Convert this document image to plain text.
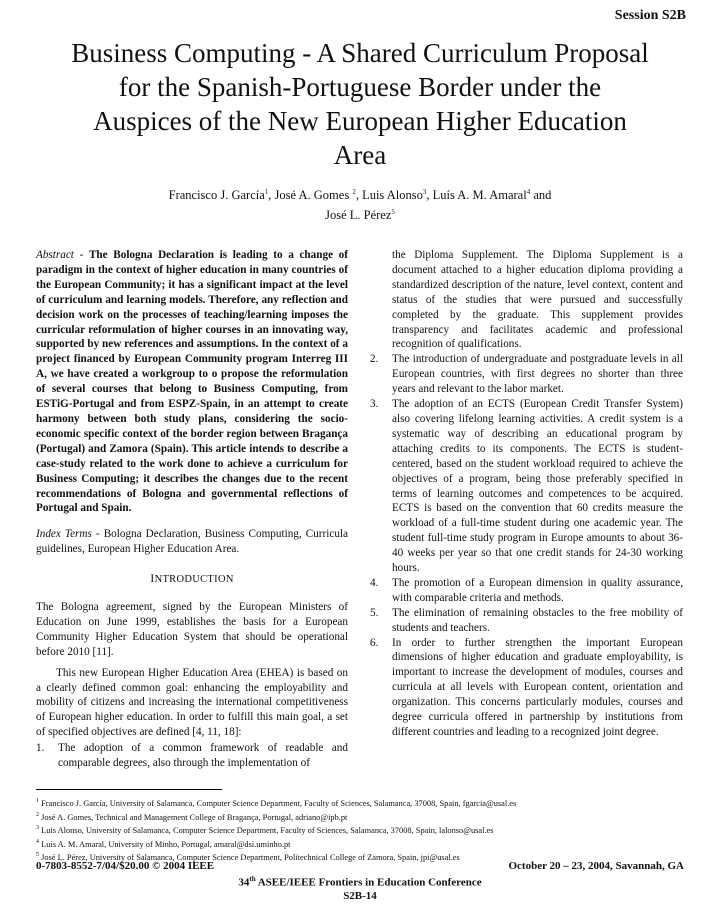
Session S2B
Business Computing - A Shared Curriculum Proposal
for the Spanish-Portuguese Border under the
Auspices of the New European Higher Education
Area
Francisco J. García$^1$, José A. Gomes $^2$, Luis Alonso$^3$, Luís A. M. Amaral$^4$ and
José L. Pérez$^5$

Abstract - The Bologna Declaration is leading to a change of paradigm in the context of higher education in many countries of the European Community; it has a significant impact at the level of curriculum and learning models. Therefore, any reflection and decision work on the processes of teaching/learning imposes the curricular reformulation of higher courses in an innovating way, supported by new references and assumptions. In the context of a project financed by European Community program Interreg III A, we have created a workgroup to o propose the reformulation of several courses that belong to Business Computing, from ESTiG-Portugal and from ESPZ-Spain, in an attempt to create harmony between both study plans, considering the socio-economic specific context of the border region between Bragança (Portugal) and Zamora (Spain). This article intends to describe a case-study related to the work done to achieve a curriculum for Business Computing; it describes the changes due to the recent recommendations of Bologna and governmental reflections of Portugal and Spain.

Index Terms - Bologna Declaration, Business Computing, Curricula guidelines, European Higher Education Area.

INTRODUCTION

The Bologna agreement, signed by the European Ministers of Education on June 1999, establishes the basis for a European Community Higher Education System that should be operational before 2010 [11].

This new European Higher Education Area (EHEA) is based on a clearly defined common goal: enhancing the employability and mobility of citizens and increasing the international competitiveness of European higher education. In order to fulfill this main goal, a set of specified objectives are defined [4, 11, 18]:

1. The adoption of a common framework of readable and comparable degrees, also through the implementation of
the Diploma Supplement. The Diploma Supplement is a document attached to a higher education diploma providing a standardized description of the nature, level context, content and status of the studies that were pursued and successfully completed by the graduate. This supplement provides transparency and facilitates academic and professional recognition of qualifications.
2. The introduction of undergraduate and postgraduate levels in all European countries, with first degrees no shorter than three years and relevant to the labor market.
3. The adoption of an ECTS (European Credit Transfer System) also covering lifelong learning activities. A credit system is a systematic way of describing an educational program by attaching credits to its components. The ECTS is student-centered, based on the student workload required to achieve the objectives of a program, being those preferably specified in terms of learning outcomes and competences to be acquired. ECTS is based on the convention that 60 credits measure the workload of a full-time student during one academic year. The student full-time study program in Europe amounts to about 36-40 weeks per year so that one credit stands for 24-30 working hours.
4. The promotion of a European dimension in quality assurance, with comparable criteria and methods.
5. The elimination of remaining obstacles to the free mobility of students and teachers.
6. In order to further strengthen the important European dimensions of higher education and graduate employability, is important to increase the development of modules, courses and curricula at all levels with European content, orientation and organization. This concerns particularly modules, courses and degree curricula offered in partnership by institutions from different countries and leading to a recognized joint degree.
$^1$ Francisco J. García, University of Salamanca, Computer Science Department, Faculty of Sciences, Salamanca, 37008, Spain, fgarcia@usal.es
$^2$ José A. Gomes, Technical and Management College of Bragança, Portugal, adriano@ipb.pt
$^3$ Luis Alonso, University of Salamanca, Computer Science Department, Faculty of Sciences, Salamanca, 37008, Spain, lalonso@usal.es
$^4$ Luís A. M. Amaral, University of Minho, Portugal, amaral@dsi.uminho.pt
$^5$ José L. Pérez, University of Salamanca, Computer Science Department, Politechnical College of Zamora, Spain, jpi@usal.es
0-7803-8552-7/04/$20.00 © 2004 IEEE	October 20 – 23, 2004, Savannah, GA
34th ASEE/IEEE Frontiers in Education Conference
S2B-14
